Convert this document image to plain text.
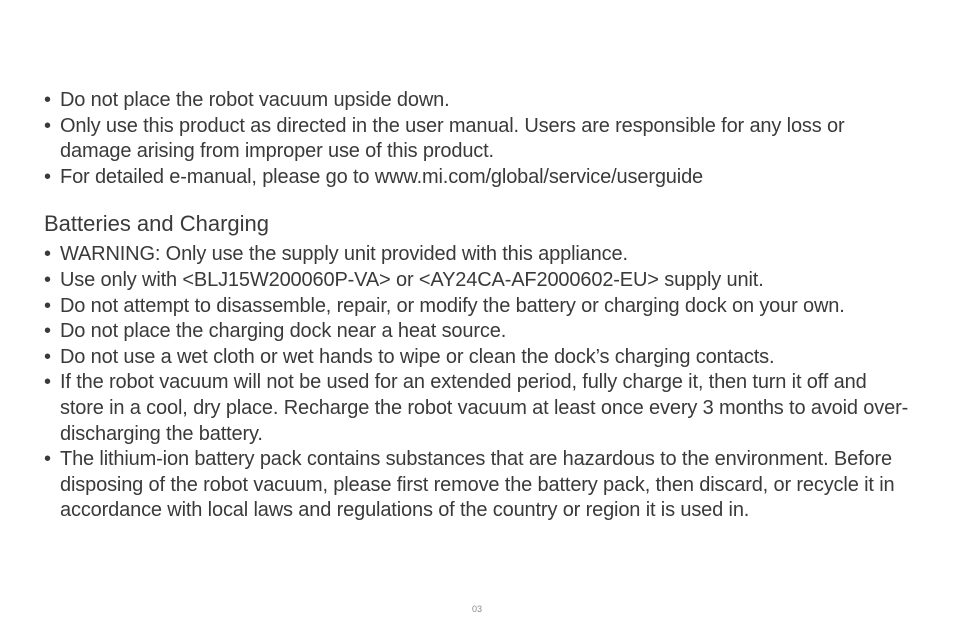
• Do not place the robot vacuum upside down.
• Only use this product as directed in the user manual. Users are responsible for any loss or damage arising from improper use of this product.
• For detailed e-manual, please go to www.mi.com/global/service/userguide
Batteries and Charging
• WARNING: Only use the supply unit provided with this appliance.
• Use only with <BLJ15W200060P-VA> or <AY24CA-AF2000602-EU> supply unit.
• Do not attempt to disassemble, repair, or modify the battery or charging dock on your own.
• Do not place the charging dock near a heat source.
• Do not use a wet cloth or wet hands to wipe or clean the dock’s charging contacts.
• If the robot vacuum will not be used for an extended period, fully charge it, then turn it off and store in a cool, dry place. Recharge the robot vacuum at least once every 3 months to avoid over-discharging the battery.
• The lithium-ion battery pack contains substances that are hazardous to the environment. Before disposing of the robot vacuum, please first remove the battery pack, then discard, or recycle it in accordance with local laws and regulations of the country or region it is used in.
03
